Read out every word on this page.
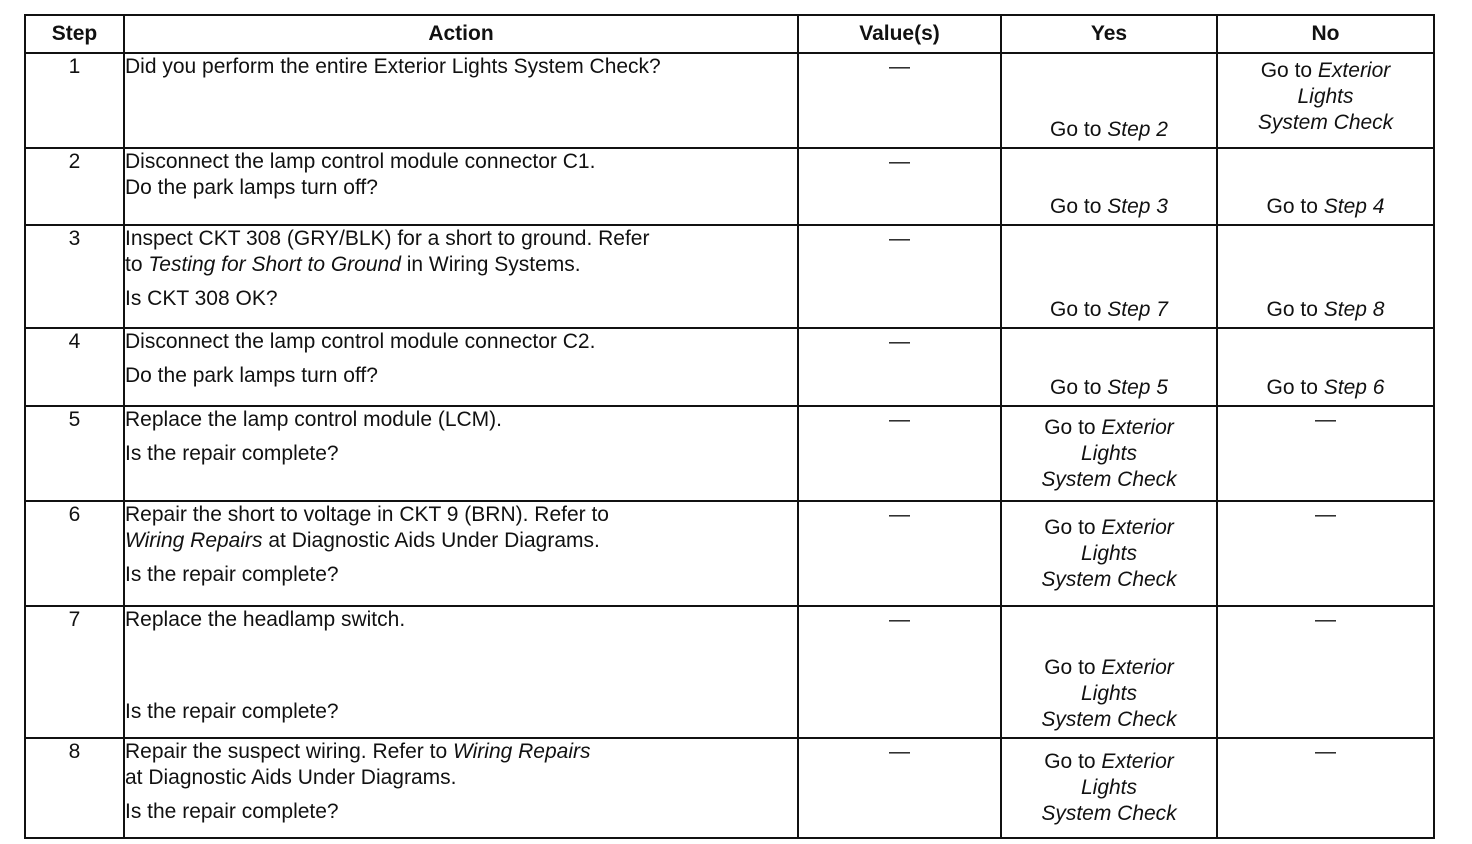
Step	Action	Value(s)	Yes	No
1	Did you perform the entire Exterior Lights System Check?	—	Go to Step 2	Go to Exterior
Lights
System Check

2	Disconnect the lamp control module connector C1.
Do the park lamps turn off?	—	Go to Step 3	Go to Step 4

3	Inspect CKT 308 (GRY/BLK) for a short to ground. Refer
to Testing for Short to Ground in Wiring Systems.
Is CKT 308 OK?	—	Go to Step 7	Go to Step 8

4	Disconnect the lamp control module connector C2.
Do the park lamps turn off?	—	Go to Step 5	Go to Step 6

5	Replace the lamp control module (LCM).
Is the repair complete?	—	Go to Exterior
Lights
System Check	—
6	Repair the short to voltage in CKT 9 (BRN). Refer to
Wiring Repairs at Diagnostic Aids Under Diagrams.
Is the repair complete?	—	Go to Exterior
Lights
System Check	—
7	Replace the headlamp switch.
Is the repair complete?	—	Go to Exterior
Lights
System Check	—
8	Repair the suspect wiring. Refer to Wiring Repairs
at Diagnostic Aids Under Diagrams.
Is the repair complete?	—	Go to Exterior
Lights
System Check	—
